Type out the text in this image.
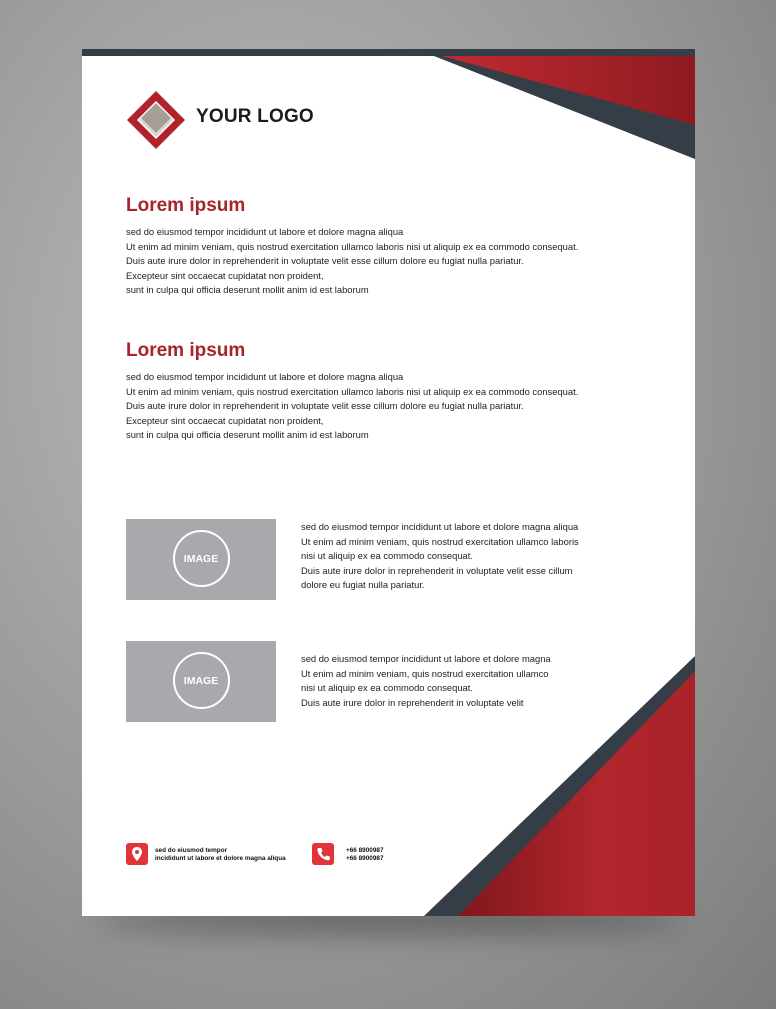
YOUR LOGO
Lorem ipsum

sed do eiusmod tempor incididunt ut labore et dolore magna aliqua

Ut enim ad minim veniam, quis nostrud exercitation ullamco laboris nisi ut aliquip ex ea commodo consequat.

Duis aute irure dolor in reprehenderit in voluptate velit esse cillum dolore eu fugiat nulla pariatur.

Excepteur sint occaecat cupidatat non proident,

sunt in culpa qui officia deserunt mollit anim id est laborum

Lorem ipsum

sed do eiusmod tempor incididunt ut labore et dolore magna aliqua

Ut enim ad minim veniam, quis nostrud exercitation ullamco laboris nisi ut aliquip ex ea commodo consequat.

Duis aute irure dolor in reprehenderit in voluptate velit esse cillum dolore eu fugiat nulla pariatur.

Excepteur sint occaecat cupidatat non proident,

sunt in culpa qui officia deserunt mollit anim id est laborum

IMAGE

sed do eiusmod tempor incididunt ut labore et dolore magna aliqua

Ut enim ad minim veniam, quis nostrud exercitation ullamco laboris

nisi ut aliquip ex ea commodo consequat.

Duis aute irure dolor in reprehenderit in voluptate velit esse cillum

dolore eu fugiat nulla pariatur.

IMAGE

sed do eiusmod tempor incididunt ut labore et dolore magna

Ut enim ad minim veniam, quis nostrud exercitation ullamco

nisi ut aliquip ex ea commodo consequat.

Duis aute irure dolor in reprehenderit in voluptate velit

sed do eiusmod tempor
incididunt ut labore et dolore magna aliqua
+66 8900987
+66 8900987
